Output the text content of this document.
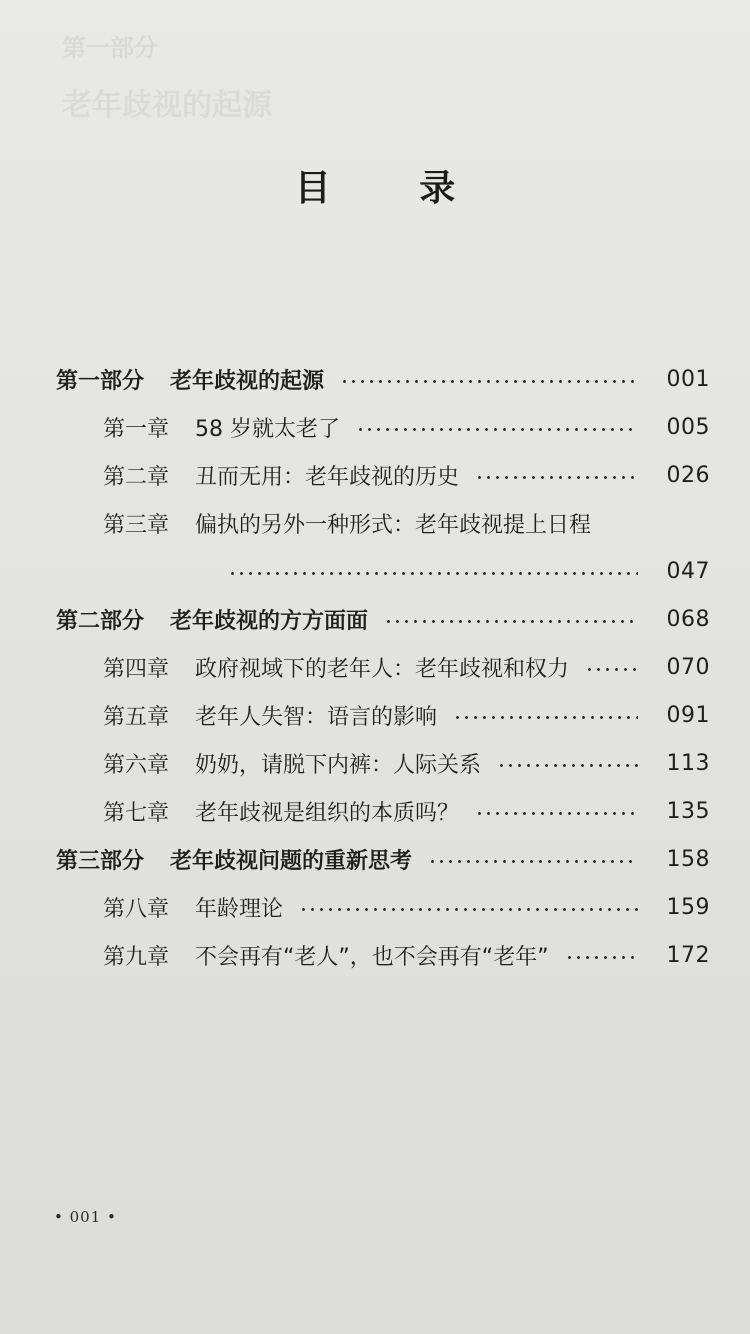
第一部分
老年歧视的起源
目 录
第一部分 老年歧视的起源	001
第一章 58 岁就太老了	005
第二章 丑而无用：老年歧视的历史	026
第三章 偏执的另外一种形式：老年歧视提上日程
047
第二部分 老年歧视的方方面面	068
第四章 政府视域下的老年人：老年歧视和权力	070
第五章 老年人失智：语言的影响	091
第六章 奶奶，请脱下内裤：人际关系	113
第七章 老年歧视是组织的本质吗？	135
第三部分 老年歧视问题的重新思考	158
第八章 年龄理论	159
第九章 不会再有“老人”，也不会再有“老年”	172
• 001 •
